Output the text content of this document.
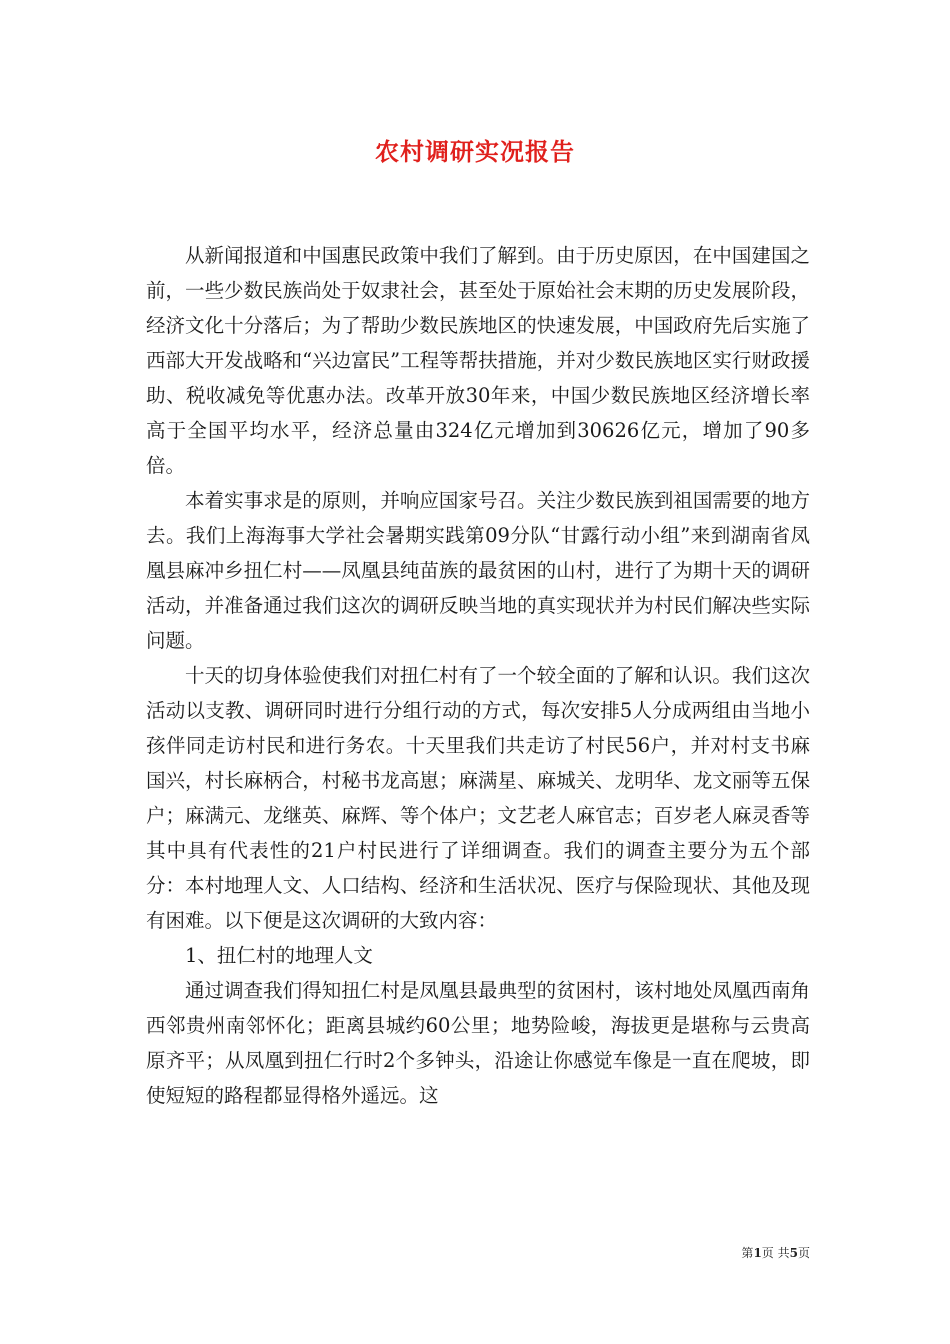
农村调研实况报告

从新闻报道和中国惠民政策中我们了解到。由于历史原因，在中国建国之前，一些少数民族尚处于奴隶社会，甚至处于原始社会末期的历史发展阶段，经济文化十分落后；为了帮助少数民族地区的快速发展，中国政府先后实施了西部大开发战略和“兴边富民”工程等帮扶措施，并对少数民族地区实行财政援助、税收减免等优惠办法。改革开放30年来，中国少数民族地区经济增长率高于全国平均水平，经济总量由324亿元增加到30626亿元，增加了90多倍。

本着实事求是的原则，并响应国家号召。关注少数民族到祖国需要的地方去。我们上海海事大学社会暑期实践第09分队“甘露行动小组”来到湖南省凤凰县麻冲乡扭仁村——凤凰县纯苗族的最贫困的山村，进行了为期十天的调研活动，并准备通过我们这次的调研反映当地的真实现状并为村民们解决些实际问题。

十天的切身体验使我们对扭仁村有了一个较全面的了解和认识。我们这次活动以支教、调研同时进行分组行动的方式，每次安排5人分成两组由当地小孩伴同走访村民和进行务农。十天里我们共走访了村民56户，并对村支书麻国兴，村长麻柄合，村秘书龙高崽；麻满星、麻城关、龙明华、龙文丽等五保户；麻满元、龙继英、麻辉、等个体户；文艺老人麻官志；百岁老人麻灵香等其中具有代表性的21户村民进行了详细调查。我们的调查主要分为五个部分：本村地理人文、人口结构、经济和生活状况、医疗与保险现状、其他及现有困难。以下便是这次调研的大致内容：

1、扭仁村的地理人文

通过调查我们得知扭仁村是凤凰县最典型的贫困村，该村地处凤凰西南角西邻贵州南邻怀化；距离县城约60公里；地势险峻，海拔更是堪称与云贵高原齐平；从凤凰到扭仁行时2个多钟头，沿途让你感觉车像是一直在爬坡，即使短短的路程都显得格外遥远。这

第1页 共5页
